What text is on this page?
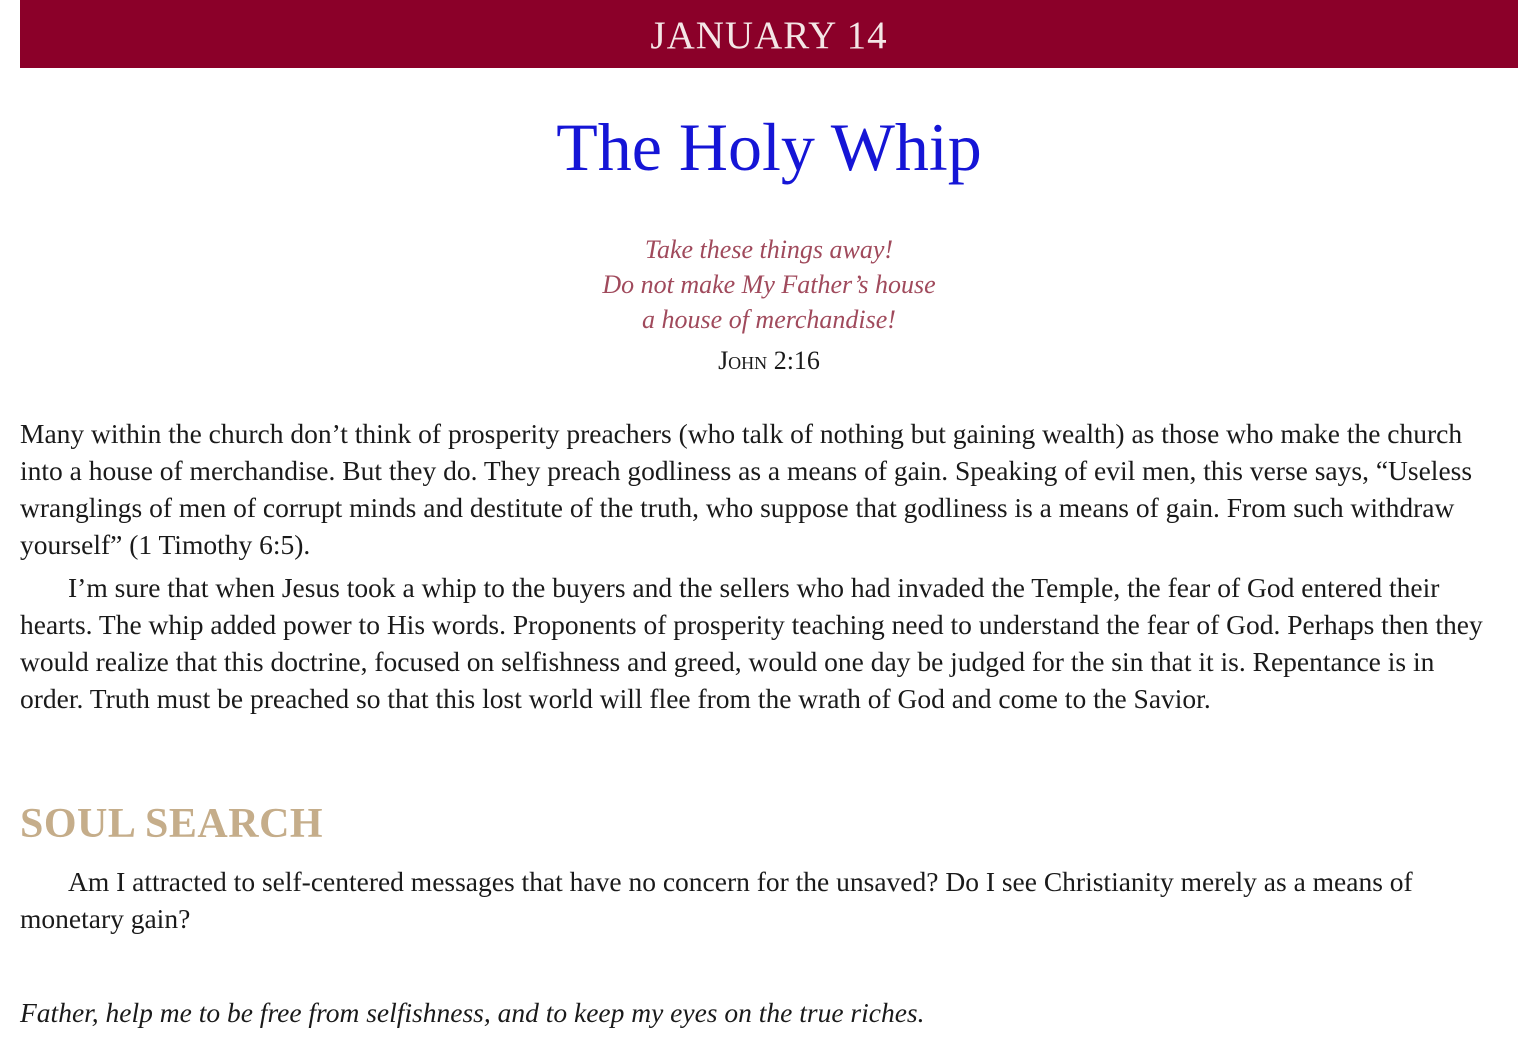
JANUARY 14
The Holy Whip
Take these things away!
Do not make My Father’s house
a house of merchandise!
John 2:16

Many within the church don’t think of prosperity preachers (who talk of nothing but gaining wealth) as those who make the church into a house of merchandise. But they do. They preach godliness as a means of gain. Speaking of evil men, this verse says, “Useless wranglings of men of corrupt minds and destitute of the truth, who suppose that godliness is a means of gain. From such withdraw yourself” (1 Timothy 6:5).

I’m sure that when Jesus took a whip to the buyers and the sellers who had invaded the Temple, the fear of God entered their hearts. The whip added power to His words. Proponents of prosperity teaching need to understand the fear of God. Perhaps then they would realize that this doctrine, focused on selfishness and greed, would one day be judged for the sin that it is. Repentance is in order. Truth must be preached so that this lost world will flee from the wrath of God and come to the Savior.

SOUL SEARCH

Am I attracted to self-centered messages that have no concern for the unsaved? Do I see Christianity merely as a means of monetary gain?

Father, help me to be free from selfishness, and to keep my eyes on the true riches.
